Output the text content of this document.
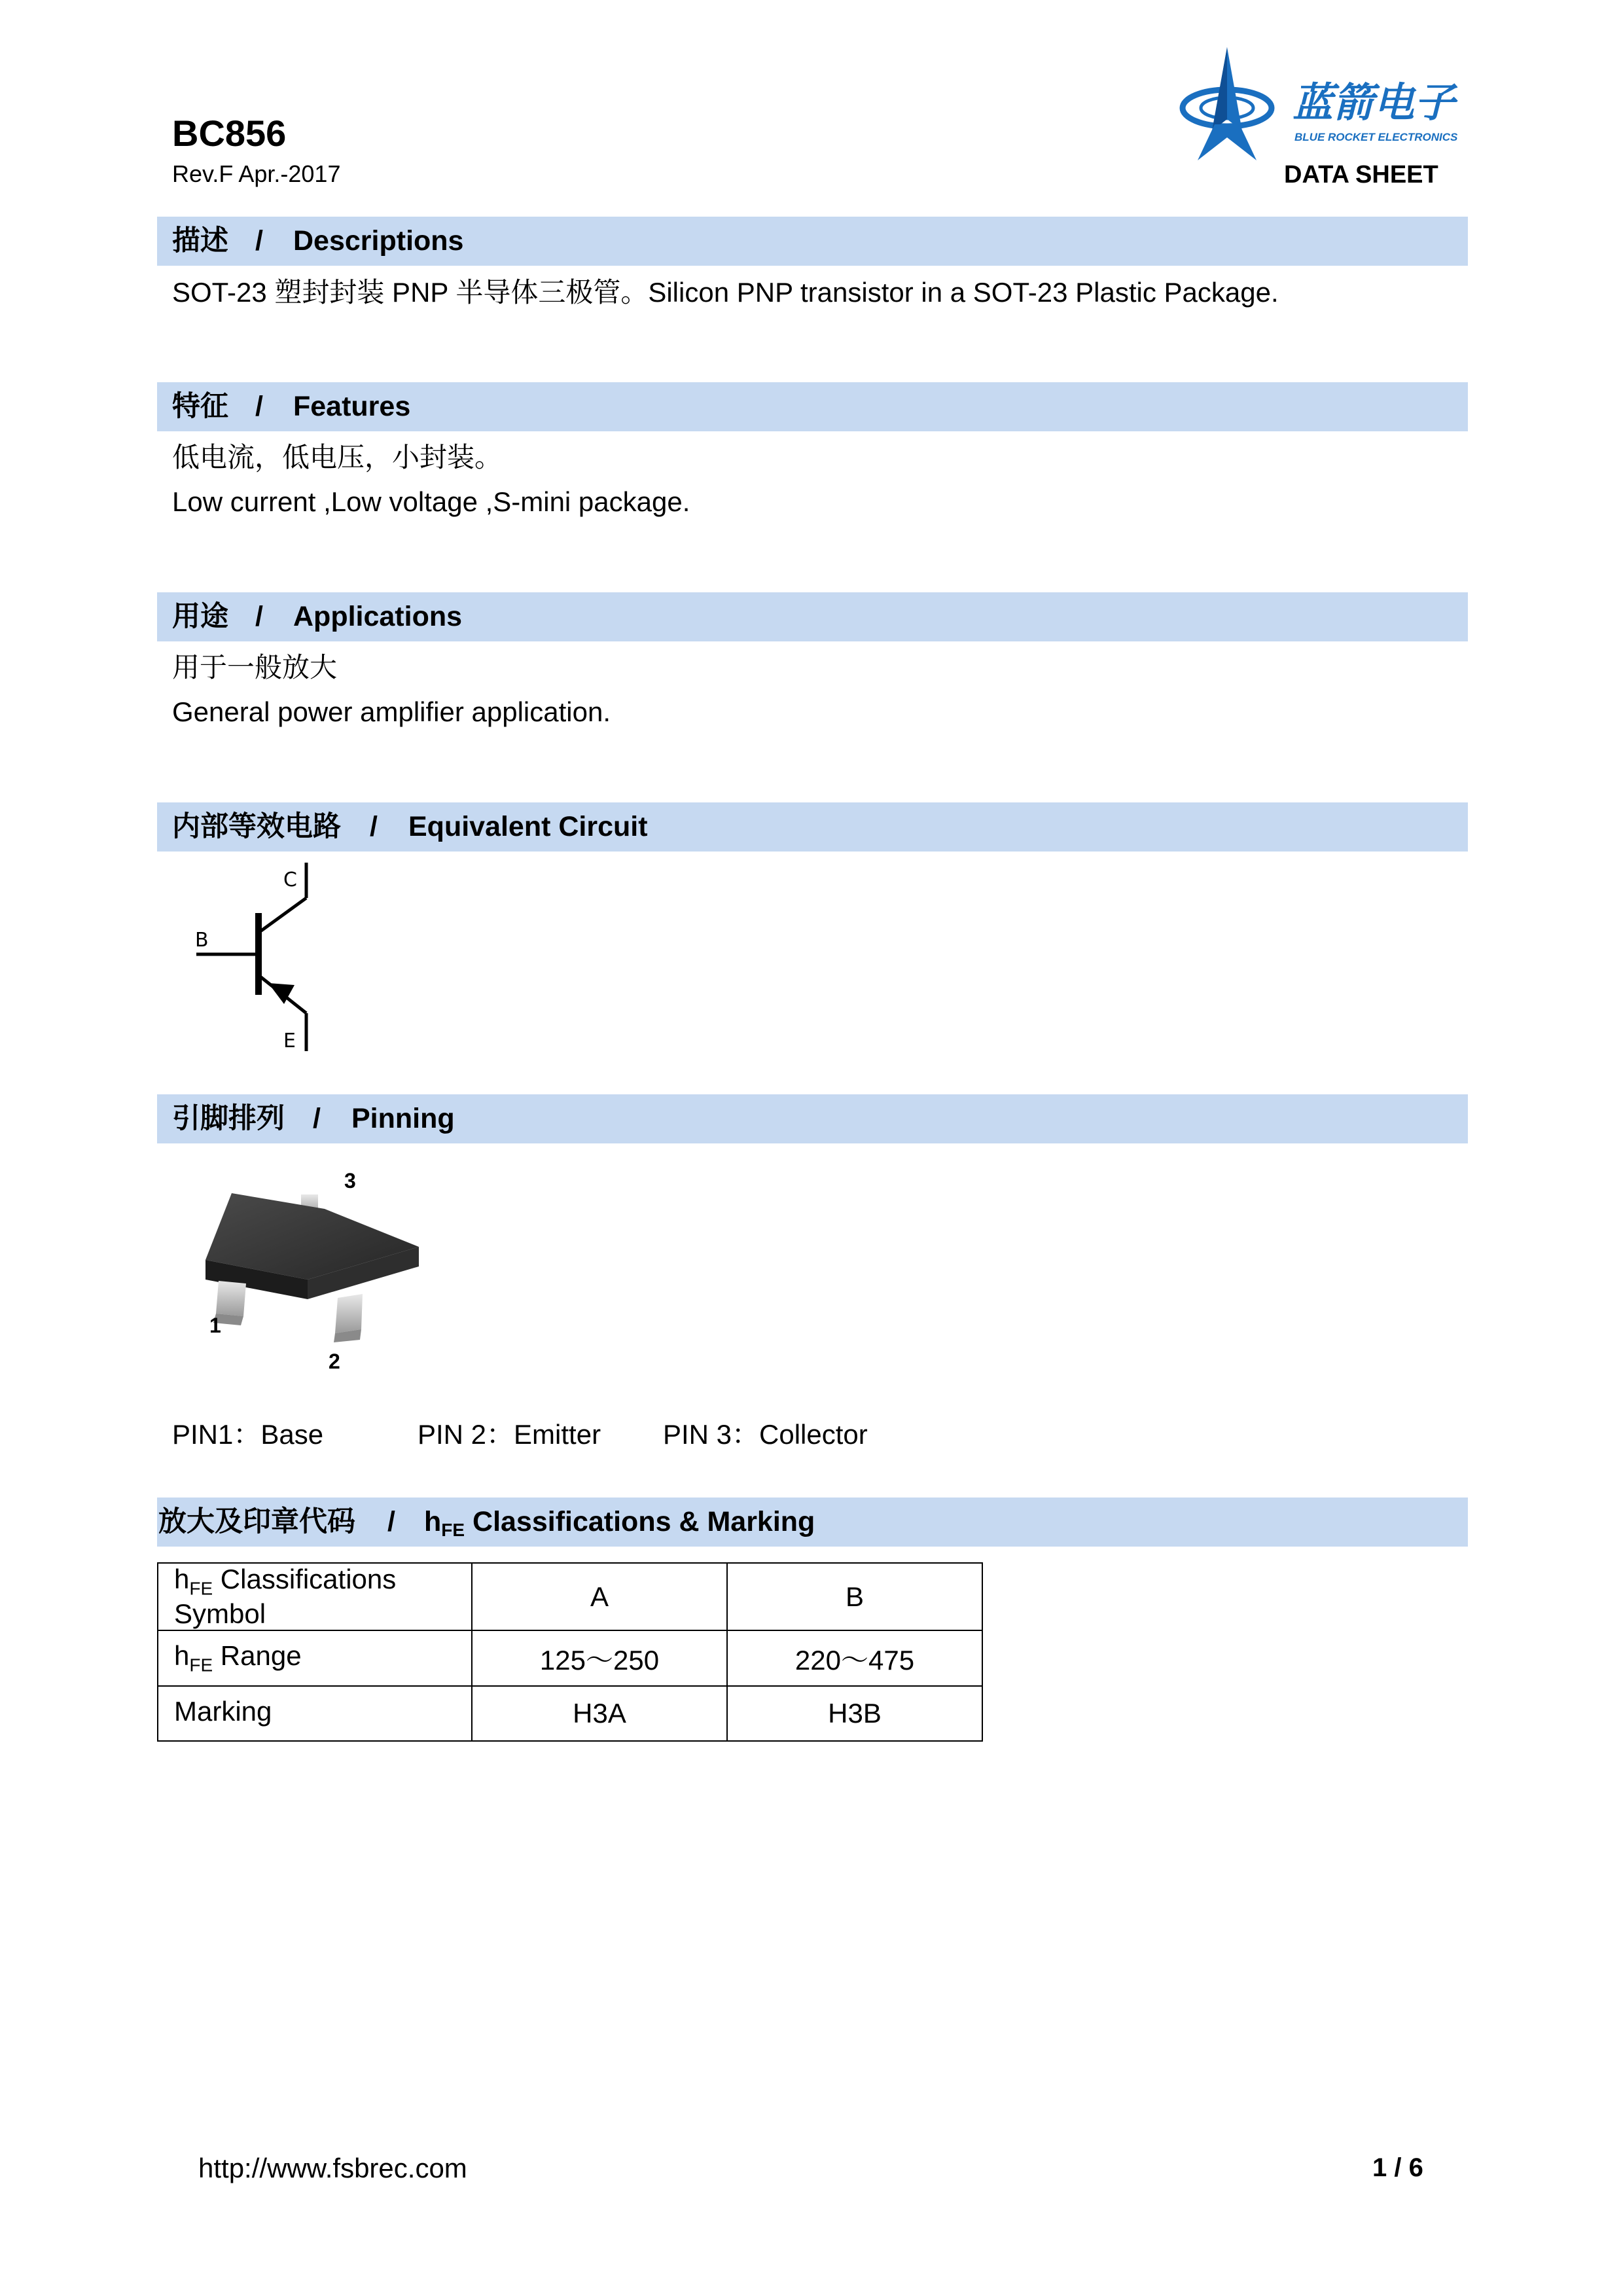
BC856
Rev.F Apr.-2017
蓝箭电子
BLUE ROCKET ELECTRONICS
DATA SHEET
描述 / Descriptions
SOT-23 塑封封装 PNP 半导体三极管。Silicon PNP transistor in a SOT-23 Plastic Package.
特征 / Features
低电流，低电压，小封装。
Low current ,Low voltage ,S-mini package.
用途 / Applications
用于一般放大
General power amplifier application.
内部等效电路 / Equivalent Circuit
C
B
E
引脚排列 / Pinning
3
1
2
PIN1：Base	PIN 2：Emitter PIN 3：Collector
放大及印章代码 / $h_{FE}$ Classifications & Marking
$h_{FE}$ Classifications Symbol	A	B
$h_{FE}$ Range	125～250	220～475
Marking	H3A	H3B
http://www.fsbrec.com	1 / 6
